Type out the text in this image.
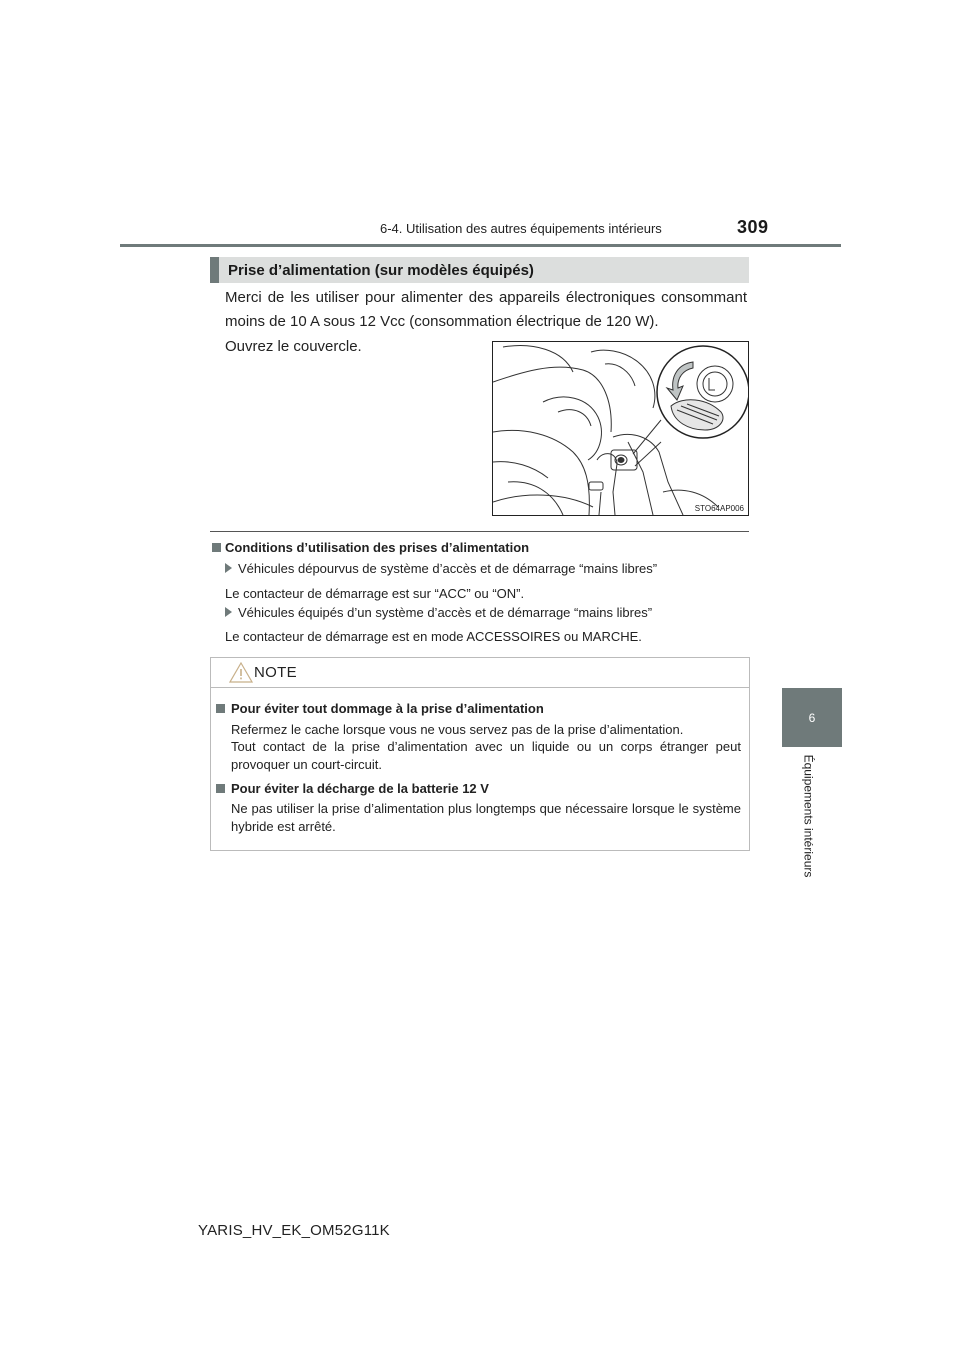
6-4. Utilisation des autres équipements intérieurs	309
6
Équipements intérieurs
Prise d’alimentation (sur modèles équipés)
Merci de les utiliser pour alimenter des appareils électroniques consommant moins de 10 A sous 12 Vcc (consommation électrique de 120 W).
Ouvrez le couvercle.
STO64AP006
Conditions d’utilisation des prises d’alimentation
Véhicules dépourvus de système d’accès et de démarrage “mains libres”
Le contacteur de démarrage est sur “ACC” ou “ON”.
Véhicules équipés d’un système d’accès et de démarrage “mains libres”
Le contacteur de démarrage est en mode ACCESSOIRES ou MARCHE.
NOTE
Pour éviter tout dommage à la prise d’alimentation
Refermez le cache lorsque vous ne vous servez pas de la prise d’alimentation.
Tout contact de la prise d’alimentation avec un liquide ou un corps étranger peut provoquer un court-circuit.
Pour éviter la décharge de la batterie 12 V
Ne pas utiliser la prise d’alimentation plus longtemps que nécessaire lorsque le système hybride est arrêté.
YARIS_HV_EK_OM52G11K
